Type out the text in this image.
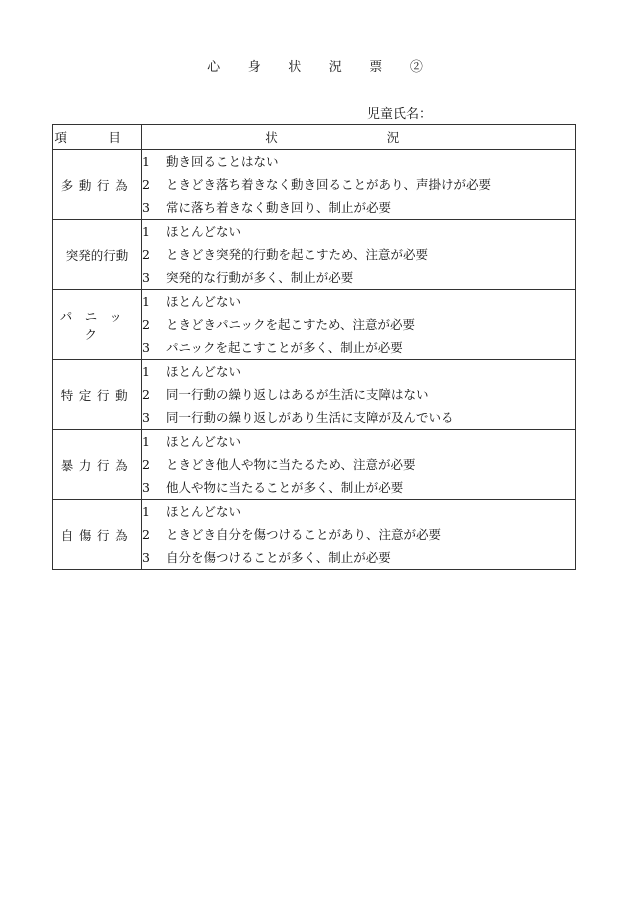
心 身 状 況 票 ②
児童氏名：
項 目	状 況
多動行為	1 動き回ることはない
2 ときどき落ち着きなく動き回ることがあり、声掛けが必要
3 常に落ち着きなく動き回り、制止が必要

突発的行動	1 ほとんどない
2 ときどき突発的行動を起こすため、注意が必要
3 突発的な行動が多く、制止が必要

パニック	1 ほとんどない
2 ときどきパニックを起こすため、注意が必要
3 パニックを起こすことが多く、制止が必要

特定行動	1 ほとんどない
2 同一行動の繰り返しはあるが生活に支障はない
3 同一行動の繰り返しがあり生活に支障が及んでいる

暴力行為	1 ほとんどない
2 ときどき他人や物に当たるため、注意が必要
3 他人や物に当たることが多く、制止が必要

自傷行為	1 ほとんどない
2 ときどき自分を傷つけることがあり、注意が必要
3 自分を傷つけることが多く、制止が必要
